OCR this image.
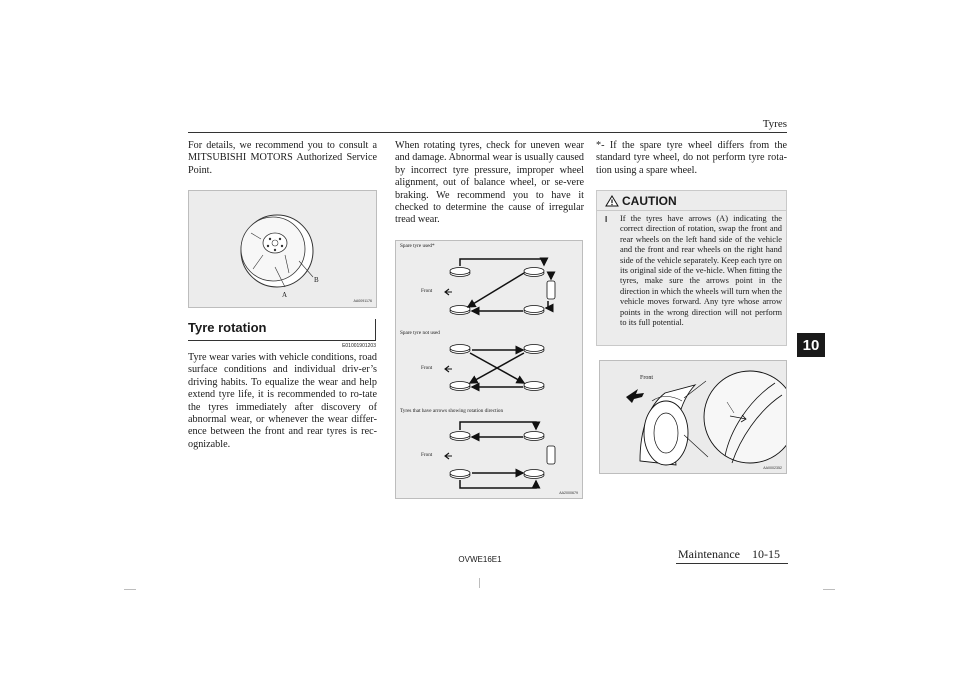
Tyres
10
For details, we recommend you to consult a MITSUBISHI MOTORS Authorized Service Point.
A
B
AA0091176
Tyre rotation
E01001901203
Tyre wear varies with vehicle conditions, road surface conditions and individual driv-er’s driving habits. To equalize the wear and help extend tyre life, it is recommended to ro-tate the tyres immediately after discovery of abnormal wear, or whenever the wear differ-ence between the front and rear tyres is rec-ognizable.
When rotating tyres, check for uneven wear and damage. Abnormal wear is usually caused by incorrect tyre pressure, improper wheel alignment, out of balance wheel, or se-vere braking. We recommend you to have it checked to determine the cause of irregular tread wear.
Spare tyre used*
Spare tyre not used
Tyres that have arrows showing rotation direction
Front
Front
Front
AA2000679
*- If the spare tyre wheel differs from the standard tyre wheel, do not perform tyre rota-tion using a spare wheel.
CAUTION
l If the tyres have arrows (A) indicating the correct direction of rotation, swap the front and rear wheels on the left hand side of the vehicle and the front and rear wheels on the right hand side of the vehicle separately. Keep each tyre on its original side of the ve-hicle. When fitting the tyres, make sure the arrows point in the direction in which the wheels will turn when the vehicle moves forward. Any tyre whose arrow points in the wrong direction will not perform to its full potential.
Front
AA0002352
OVWE16E1	Maintenance 10-15
